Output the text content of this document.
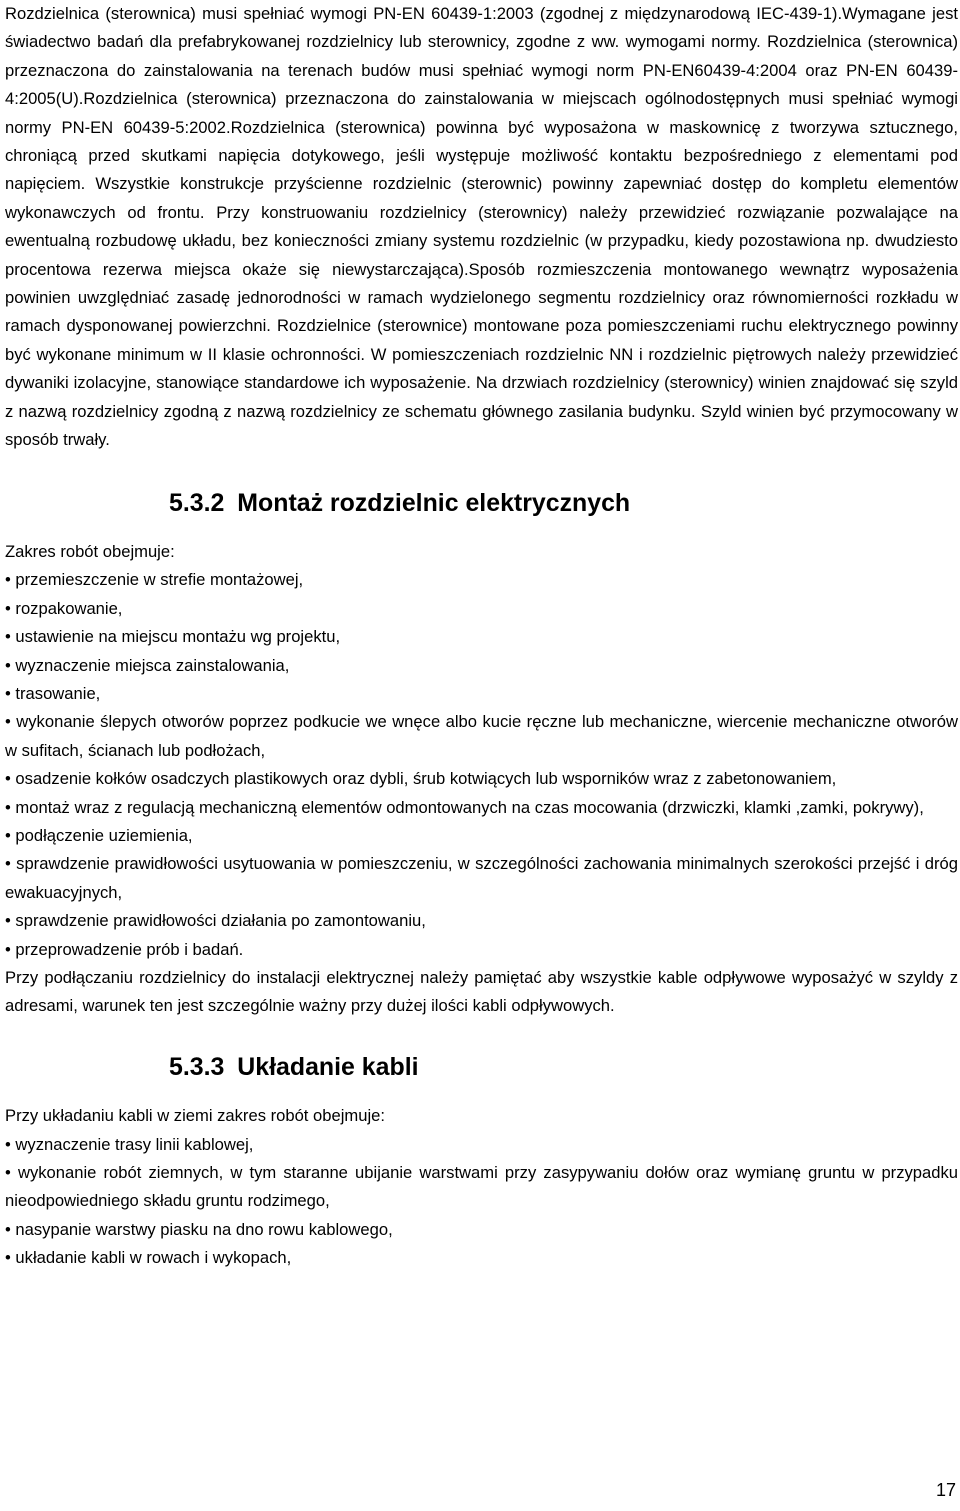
Rozdzielnica (sterownica) musi spełniać wymogi PN-EN 60439-1:2003 (zgodnej z międzynarodową IEC-439-1).Wymagane jest świadectwo badań dla prefabrykowanej rozdzielnicy lub sterownicy, zgodne z ww. wymogami normy. Rozdzielnica (sterownica) przeznaczona do zainstalowania na terenach budów musi spełniać wymogi norm PN-EN60439-4:2004 oraz PN-EN 60439-4:2005(U).Rozdzielnica (sterownica) przeznaczona do zainstalowania w miejscach ogólnodostępnych musi spełniać wymogi normy PN-EN 60439-5:2002.Rozdzielnica (sterownica) powinna być wyposażona w maskownicę z tworzywa sztucznego, chroniącą przed skutkami napięcia dotykowego, jeśli występuje możliwość kontaktu bezpośredniego z elementami pod napięciem. Wszystkie konstrukcje przyścienne rozdzielnic (sterownic) powinny zapewniać dostęp do kompletu elementów wykonawczych od frontu. Przy konstruowaniu rozdzielnicy (sterownicy) należy przewidzieć rozwiązanie pozwalające na ewentualną rozbudowę układu, bez konieczności zmiany systemu rozdzielnic (w przypadku, kiedy pozostawiona np. dwudziesto procentowa rezerwa miejsca okaże się niewystarczająca).Sposób rozmieszczenia montowanego wewnątrz wyposażenia powinien uwzględniać zasadę jednorodności w ramach wydzielonego segmentu rozdzielnicy oraz równomierności rozkładu w ramach dysponowanej powierzchni. Rozdzielnice (sterownice) montowane poza pomieszczeniami ruchu elektrycznego powinny być wykonane minimum w II klasie ochronności. W pomieszczeniach rozdzielnic NN i rozdzielnic piętrowych należy przewidzieć dywaniki izolacyjne, stanowiące standardowe ich wyposażenie. Na drzwiach rozdzielnicy (sterownicy) winien znajdować się szyld z nazwą rozdzielnicy zgodną z nazwą rozdzielnicy ze schematu głównego zasilania budynku. Szyld winien być przymocowany w sposób trwały.

5.3.2 Montaż rozdzielnic elektrycznych

Zakres robót obejmuje:

• przemieszczenie w strefie montażowej,
• rozpakowanie,
• ustawienie na miejscu montażu wg projektu,
• wyznaczenie miejsca zainstalowania,
• trasowanie,
• wykonanie ślepych otworów poprzez podkucie we wnęce albo kucie ręczne lub mechaniczne, wiercenie mechaniczne otworów w sufitach, ścianach lub podłożach,
• osadzenie kołków osadczych plastikowych oraz dybli, śrub kotwiących lub wsporników wraz z zabetonowaniem,
• montaż wraz z regulacją mechaniczną elementów odmontowanych na czas mocowania (drzwiczki, klamki ,zamki, pokrywy),
• podłączenie uziemienia,
• sprawdzenie prawidłowości usytuowania w pomieszczeniu, w szczególności zachowania minimalnych szerokości przejść i dróg ewakuacyjnych,
• sprawdzenie prawidłowości działania po zamontowaniu,
• przeprowadzenie prób i badań.

Przy podłączaniu rozdzielnicy do instalacji elektrycznej należy pamiętać aby wszystkie kable odpływowe wyposażyć w szyldy z adresami, warunek ten jest szczególnie ważny przy dużej ilości kabli odpływowych.

5.3.3 Układanie kabli

Przy układaniu kabli w ziemi zakres robót obejmuje:

• wyznaczenie trasy linii kablowej,
• wykonanie robót ziemnych, w tym staranne ubijanie warstwami przy zasypywaniu dołów oraz wymianę gruntu w przypadku nieodpowiedniego składu gruntu rodzimego,
• nasypanie warstwy piasku na dno rowu kablowego,
• układanie kabli w rowach i wykopach,
17
